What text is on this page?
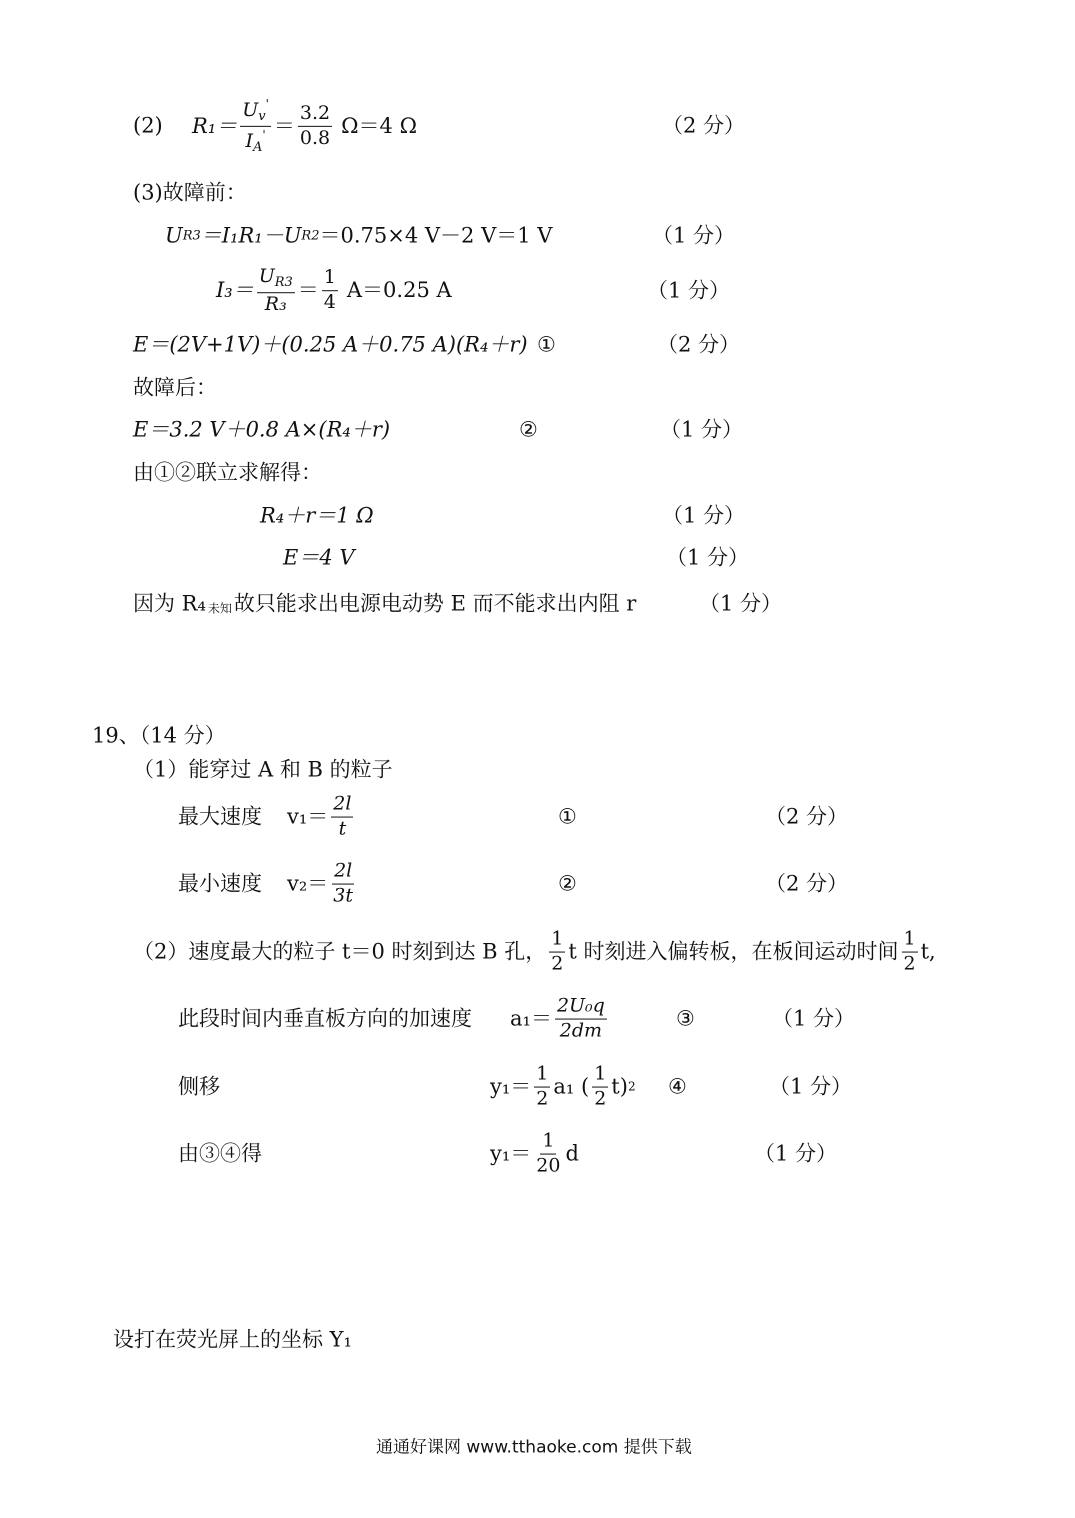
(2) $R_1= \frac{U_v'}{I_A'} = \frac{3.2}{0.8} \Omega=4$ Ω	（2 分）
(3)故障前：
U R3 ＝I₁R₁－U R2 ＝0.75×4 V－2 V＝1 V	（1 分）
$I_3= \frac{U_{R3}}{\text{R₃}} = \frac{1}{4} A=0.25$ A	（1 分）
E＝(2V+1V)＋(0.25 A＋0.75 A)(R₄＋r) ①	（2 分）
故障后：
E＝3.2 V＋0.8 A×(R₄＋r)	②	（1 分）
由①②联立求解得：
R₄＋r＝1 Ω	（1 分）
E＝4 V	（1 分）
因为 R₄ 未知 故只能求出电源电动势 E 而不能求出内阻 r	（1 分）
19、（14 分）
（1）能穿过 A 和 B 的粒子
最大速度 $v_1= \frac{2l}{t}$	①	（2 分）
最小速度 $v_2= \frac{2l}{3t}$	②	（2 分）
（2）速度最大的粒子 t＝0 时刻到达 B 孔， $\frac{1}{2}$ t 时刻进入偏转板，在板间运动时间 $\frac{1}{2} t$,
此段时间内垂直板方向的加速度 $a_1= \frac{\text{2U₀q}}{2dm}$	③	（1 分）
侧移	$y_1= \frac{1}{2} a_1$ ( $\frac{1}{2} t$) 2 ④	（1 分）
由③④得	$y_1= \frac{1}{20}$ d	（1 分）
设打在荧光屏上的坐标 Y₁
通通好课网 www.tthaoke.com 提供下载
